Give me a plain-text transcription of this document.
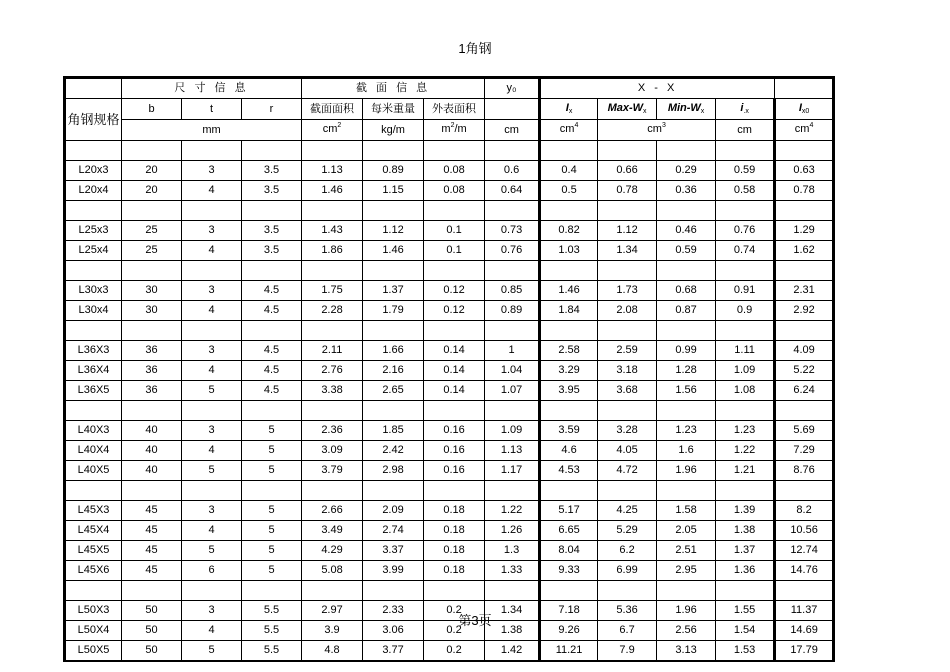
1角钢
	尺 寸 信 息			截 面 信 息			y₀	X - X				
角钢规格	b	t	r	截面面积	每米重量	外表面积		$I_x$	Max-$W_x$	Min-$W_x$	$i_{.x}$	$I_{x0}$
	mm			$cm^2$	kg/m	$m^2/m$	cm	$cm^4$	$cm^3$		cm	$cm^4$

L20x3	20	3	3.5	1.13	0.89	0.08	0.6	0.4	0.66	0.29	0.59	0.63
L20x4	20	4	3.5	1.46	1.15	0.08	0.64	0.5	0.78	0.36	0.58	0.78

L25x3	25	3	3.5	1.43	1.12	0.1	0.73	0.82	1.12	0.46	0.76	1.29
L25x4	25	4	3.5	1.86	1.46	0.1	0.76	1.03	1.34	0.59	0.74	1.62

L30x3	30	3	4.5	1.75	1.37	0.12	0.85	1.46	1.73	0.68	0.91	2.31
L30x4	30	4	4.5	2.28	1.79	0.12	0.89	1.84	2.08	0.87	0.9	2.92

L36X3	36	3	4.5	2.11	1.66	0.14	1	2.58	2.59	0.99	1.11	4.09
L36X4	36	4	4.5	2.76	2.16	0.14	1.04	3.29	3.18	1.28	1.09	5.22
L36X5	36	5	4.5	3.38	2.65	0.14	1.07	3.95	3.68	1.56	1.08	6.24

L40X3	40	3	5	2.36	1.85	0.16	1.09	3.59	3.28	1.23	1.23	5.69
L40X4	40	4	5	3.09	2.42	0.16	1.13	4.6	4.05	1.6	1.22	7.29
L40X5	40	5	5	3.79	2.98	0.16	1.17	4.53	4.72	1.96	1.21	8.76

L45X3	45	3	5	2.66	2.09	0.18	1.22	5.17	4.25	1.58	1.39	8.2
L45X4	45	4	5	3.49	2.74	0.18	1.26	6.65	5.29	2.05	1.38	10.56
L45X5	45	5	5	4.29	3.37	0.18	1.3	8.04	6.2	2.51	1.37	12.74
L45X6	45	6	5	5.08	3.99	0.18	1.33	9.33	6.99	2.95	1.36	14.76

L50X3	50	3	5.5	2.97	2.33	0.2	1.34	7.18	5.36	1.96	1.55	11.37
L50X4	50	4	5.5	3.9	3.06	0.2	1.38	9.26	6.7	2.56	1.54	14.69
L50X5	50	5	5.5	4.8	3.77	0.2	1.42	11.21	7.9	3.13	1.53	17.79
第3页
